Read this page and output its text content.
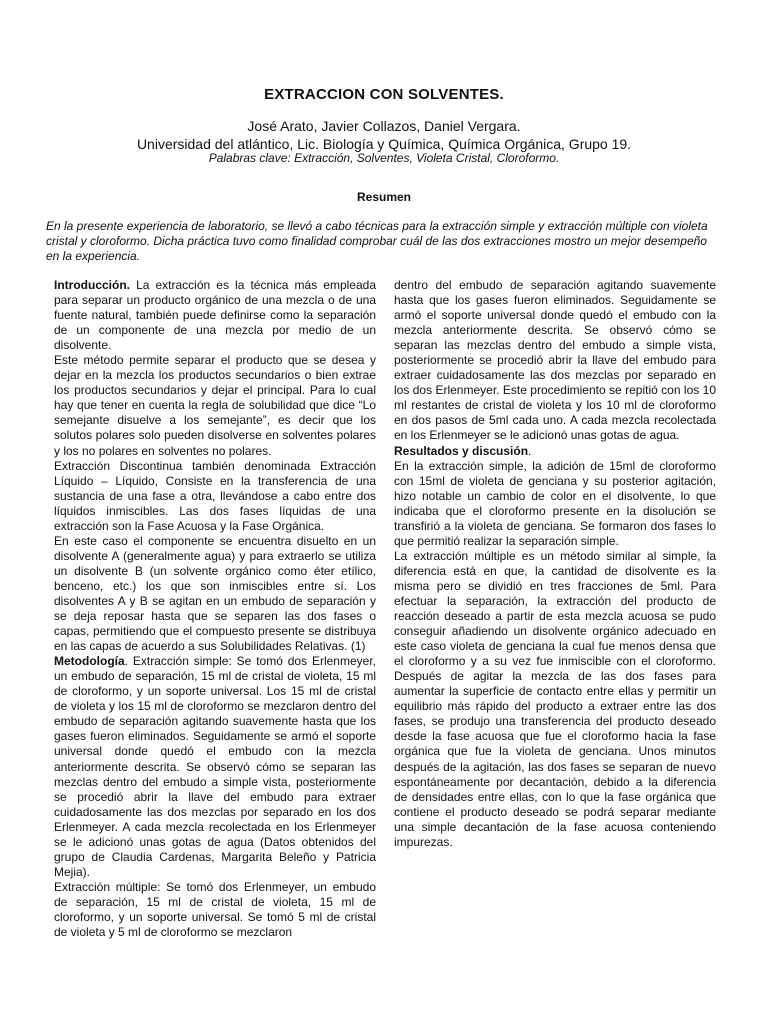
EXTRACCION CON SOLVENTES.
José Arato, Javier Collazos, Daniel Vergara.
Universidad del atlántico, Lic. Biología y Química, Química Orgánica, Grupo 19.
Palabras clave: Extracción, Solventes, Violeta Cristal, Cloroformo.
Resumen
En la presente experiencia de laboratorio, se llevó a cabo técnicas para la extracción simple y extracción múltiple con violeta cristal y cloroformo. Dicha práctica tuvo como finalidad comprobar cuál de las dos extracciones mostro un mejor desempeño en la experiencia.

Introducción. La extracción es la técnica más empleada para separar un producto orgánico de una mezcla o de una fuente natural, también puede definirse como la separación de un componente de una mezcla por medio de un disolvente.

Este método permite separar el producto que se desea y dejar en la mezcla los productos secundarios o bien extrae los productos secundarios y dejar el principal. Para lo cual hay que tener en cuenta la regla de solubilidad que dice “Lo semejante disuelve a los semejante”, es decir que los solutos polares solo pueden disolverse en solventes polares y los no polares en solventes no polares.

Extracción Discontinua también denominada Extracción Líquido – Líquido, Consiste en la transferencia de una sustancia de una fase a otra, llevándose a cabo entre dos líquidos inmiscibles. Las dos fases líquidas de una extracción son la Fase Acuosa y la Fase Orgánica.

En este caso el componente se encuentra disuelto en un disolvente A (generalmente agua) y para extraerlo se utiliza un disolvente B (un solvente orgánico como éter etílico, benceno, etc.) los que son inmiscibles entre sí. Los disolventes A y B se agitan en un embudo de separación y se deja reposar hasta que se separen las dos fases o capas, permitiendo que el compuesto presente se distribuya en las capas de acuerdo a sus Solubilidades Relativas. (1)

Metodología. Extracción simple: Se tomó dos Erlenmeyer, un embudo de separación, 15 ml de cristal de violeta, 15 ml de cloroformo, y un soporte universal. Los 15 ml de cristal de violeta y los 15 ml de cloroformo se mezclaron dentro del embudo de separación agitando suavemente hasta que los gases fueron eliminados. Seguidamente se armó el soporte universal donde quedó el embudo con la mezcla anteriormente descrita. Se observó cómo se separan las mezclas dentro del embudo a simple vista, posteriormente se procedió abrir la llave del embudo para extraer cuidadosamente las dos mezclas por separado en los dos Erlenmeyer. A cada mezcla recolectada en los Erlenmeyer se le adicionó unas gotas de agua (Datos obtenidos del grupo de Claudia Cardenas, Margarita Beleño y Patricia Mejia).

Extracción múltiple: Se tomó dos Erlenmeyer, un embudo de separación, 15 ml de cristal de violeta, 15 ml de cloroformo, y un soporte universal. Se tomó 5 ml de cristal de violeta y 5 ml de cloroformo se mezclaron

dentro del embudo de separación agitando suavemente hasta que los gases fueron eliminados. Seguidamente se armó el soporte universal donde quedó el embudo con la mezcla anteriormente descrita. Se observó cómo se separan las mezclas dentro del embudo a simple vista, posteriormente se procedió abrir la llave del embudo para extraer cuidadosamente las dos mezclas por separado en los dos Erlenmeyer. Este procedimiento se repitió con los 10 ml restantes de cristal de violeta y los 10 ml de cloroformo en dos pasos de 5ml cada uno. A cada mezcla recolectada en los Erlenmeyer se le adicionó unas gotas de agua.

Resultados y discusión.

En la extracción simple, la adición de 15ml de cloroformo con 15ml de violeta de genciana y su posterior agitación, hizo notable un cambio de color en el disolvente, lo que indicaba que el cloroformo presente en la disolución se transfirió a la violeta de genciana. Se formaron dos fases lo que permitió realizar la separación simple.

La extracción múltiple es un método similar al simple, la diferencia está en que, la cantidad de disolvente es la misma pero se dividió en tres fracciones de 5ml. Para efectuar la separación, la extracción del producto de reacción deseado a partir de esta mezcla acuosa se pudo conseguir añadiendo un disolvente orgánico adecuado en este caso violeta de genciana la cual fue menos densa que el cloroformo y a su vez fue inmiscible con el cloroformo. Después de agitar la mezcla de las dos fases para aumentar la superficie de contacto entre ellas y permitir un equilibrio más rápido del producto a extraer entre las dos fases, se produjo una transferencia del producto deseado desde la fase acuosa que fue el cloroformo hacia la fase orgánica que fue la violeta de genciana. Unos minutos después de la agitación, las dos fases se separan de nuevo espontáneamente por decantación, debido a la diferencia de densidades entre ellas, con lo que la fase orgánica que contiene el producto deseado se podrá separar mediante una simple decantación de la fase acuosa conteniendo impurezas.
